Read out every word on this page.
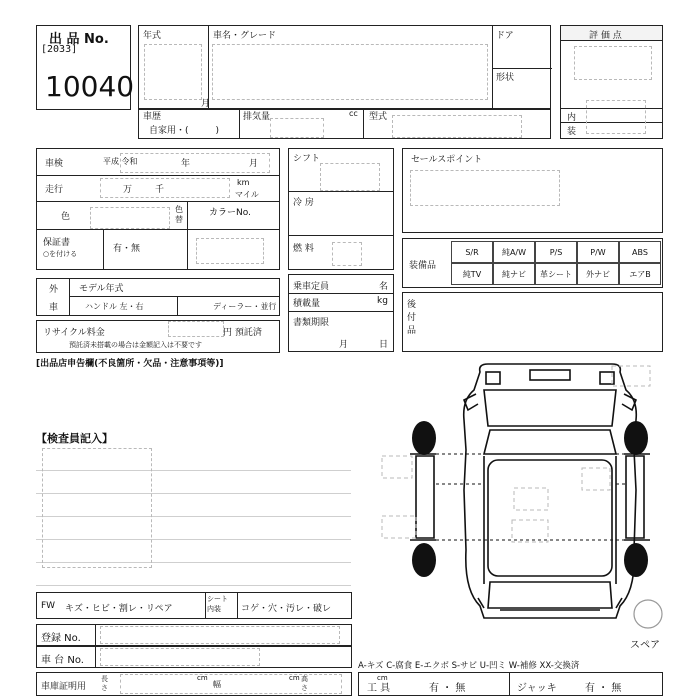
出 品 No.
[2033]
10040
年式
月
車名・グレード	ドア
形状
評 価 点
内
装
車歴
自家用・(　　　)
排気量	cc 型式
車検	平成 令和	年	月
走行	万	千
km
マイル
色
色替
カラーNo.
保証書
○を付ける	有・無
外
車
モデル年式
ハンドル 左・右	ディーラー・並行
リサイクル料金	円 預託済
預託済未搭載の場合は金額記入は不要です
シフト
冷 房
燃 料
乗車定員	名
積載量	kg
書類期限
月	日
セールスポイント
装備品
S/R	純A/W	P/S	P/W	ABS
純TV	純ナビ	革シート	外ナビ	エアB
後
付
品
[出品店申告欄(不良箇所・欠品・注意事項等)]
【検査員記入】
スペア
FW キズ・ヒビ・割レ・リペア
シート内装	コゲ・穴・汚レ・破レ
登録 No.
車 台 No.
車庫証明用
長さ
cm
幅
cm 高さ
cm
A-キズ C-腐食 E-エクボ S-サビ U-凹ミ W-補修 XX-交換済
工 具	有 ・ 無	ジャッキ	有 ・ 無
